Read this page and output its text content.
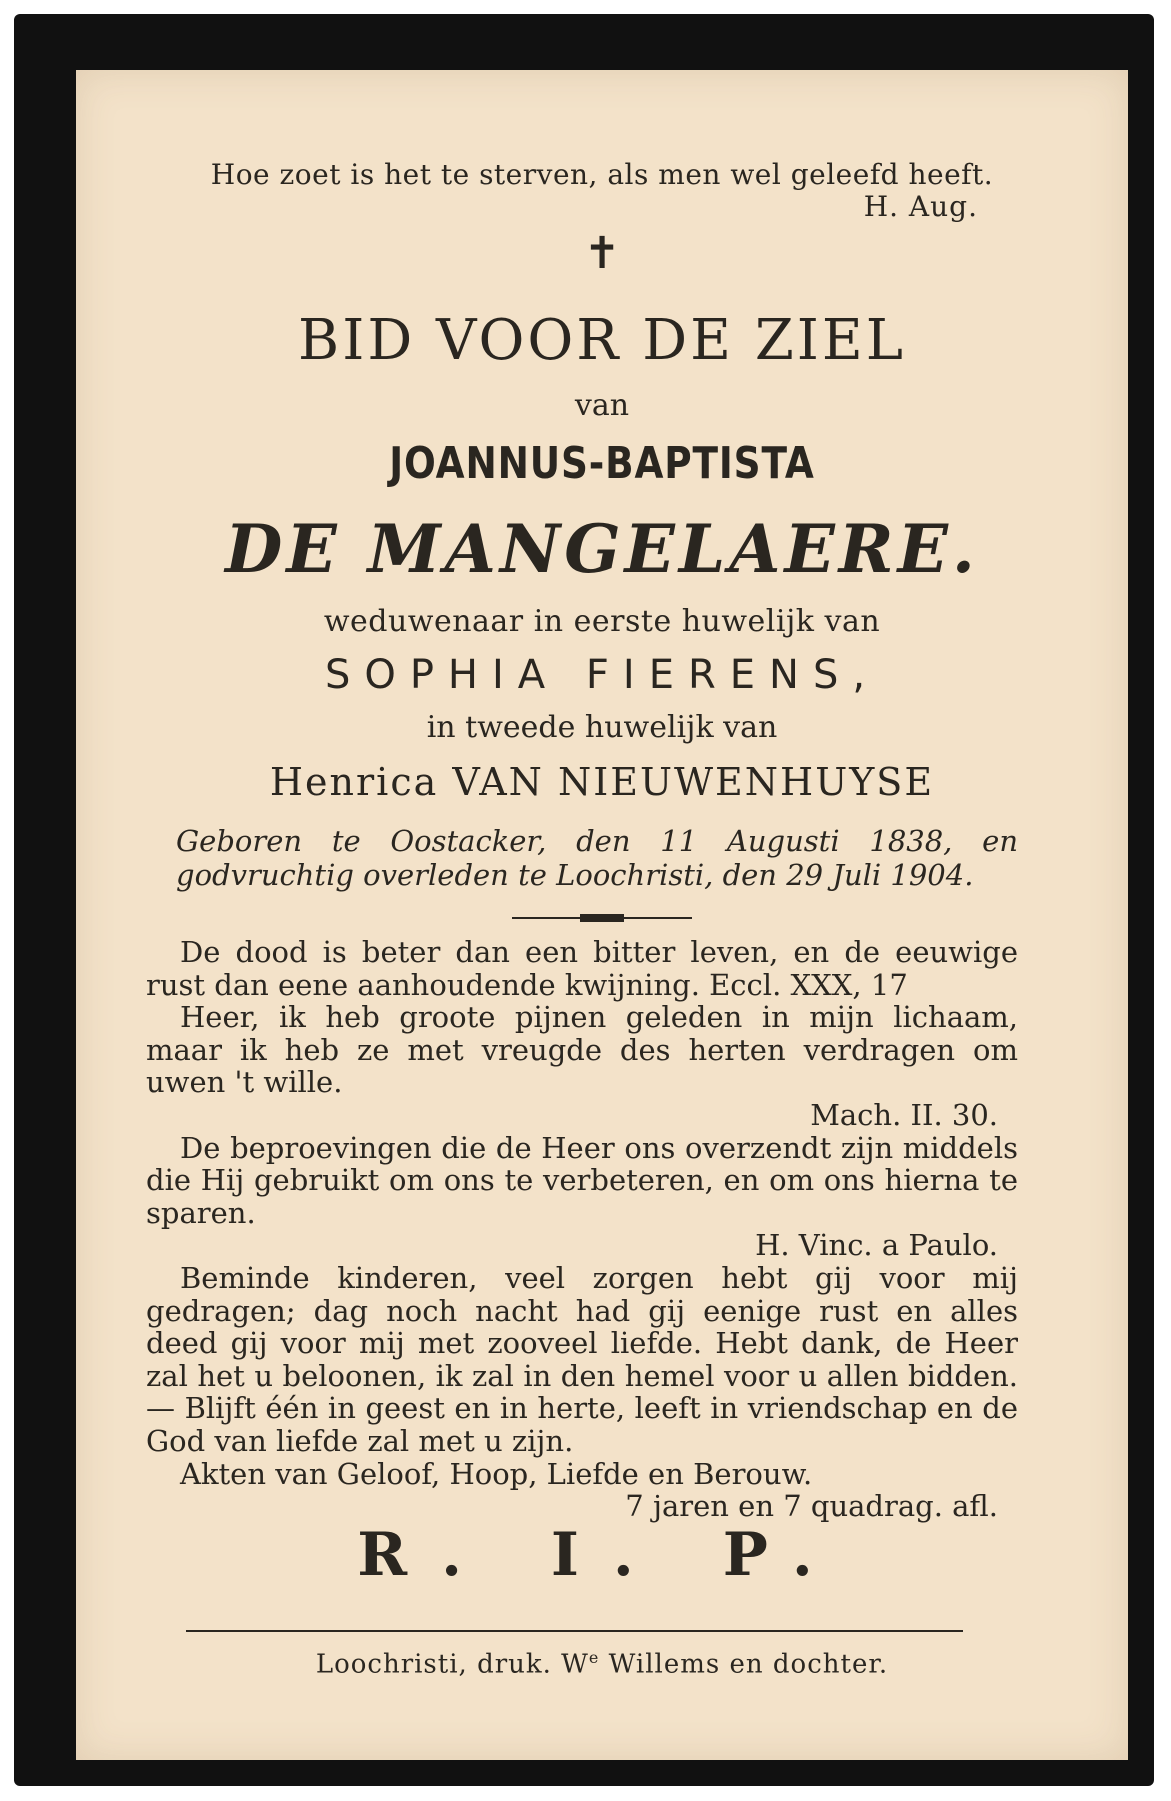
Hoe zoet is het te sterven, als men wel geleefd heeft.
H. Aug.
✝
BID VOOR DE ZIEL
van
JOANNUS-BAPTISTA
DE MANGELAERE.
weduwenaar in eerste huwelijk van
SOPHIA FIERENS,
in tweede huwelijk van
Henrica VAN NIEUWENHUYSE
Geboren te Oostacker, den 11 Augusti 1838, en godvruchtig overleden te Loochristi, den 29 Juli 1904.

De dood is beter dan een bitter leven, en de eeuwige rust dan eene aanhoudende kwijning. Eccl. XXX, 17

Heer, ik heb groote pijnen geleden in mijn lichaam, maar ik heb ze met vreugde des herten verdragen om uwen 't wille.

Mach. II. 30.

De beproevingen die de Heer ons overzendt zijn middels die Hij gebruikt om ons te verbeteren, en om ons hierna te sparen.

H. Vinc. a Paulo.

Beminde kinderen, veel zorgen hebt gij voor mij gedragen; dag noch nacht had gij eenige rust en alles deed gij voor mij met zooveel liefde. Hebt dank, de Heer zal het u beloonen, ik zal in den hemel voor u allen bidden. — Blijft één in geest en in herte, leeft in vriendschap en de God van liefde zal met u zijn.

Akten van Geloof, Hoop, Liefde en Berouw.

7 jaren en 7 quadrag. afl.

R. I. P.
Loochristi, druk. $W^e$ Willems en dochter.
